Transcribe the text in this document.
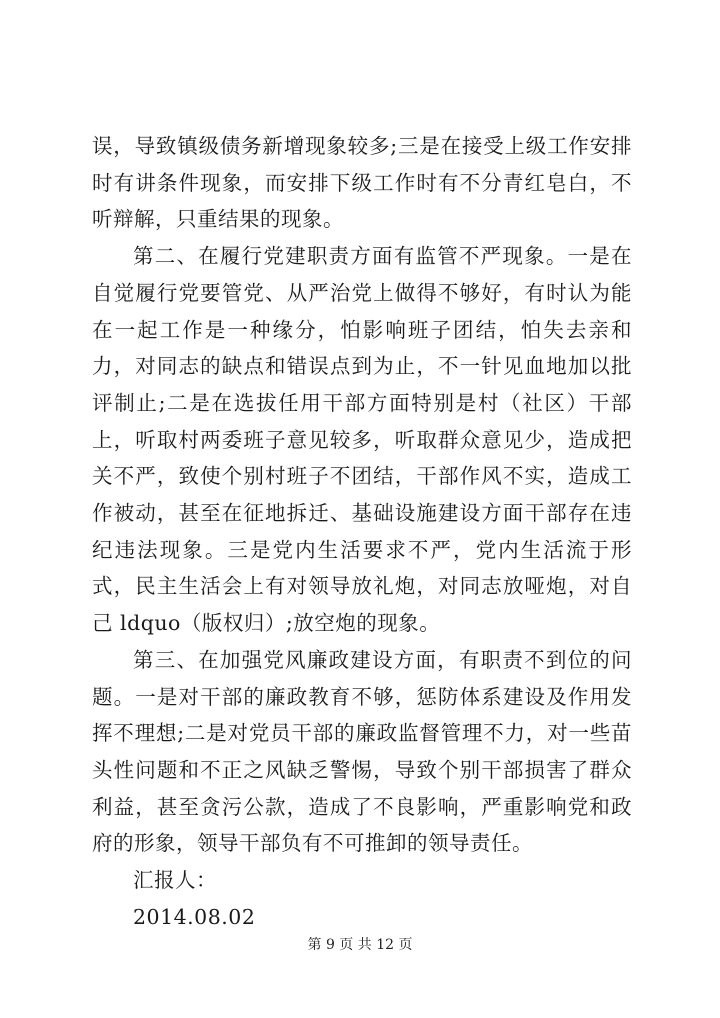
误，导致镇级债务新增现象较多;三是在接受上级工作安排时有讲条件现象，而安排下级工作时有不分青红皂白，不听辩解，只重结果的现象。

第二、在履行党建职责方面有监管不严现象。一是在自觉履行党要管党、从严治党上做得不够好，有时认为能在一起工作是一种缘分，怕影响班子团结，怕失去亲和力，对同志的缺点和错误点到为止，不一针见血地加以批评制止;二是在选拔任用干部方面特别是村（社区）干部上，听取村两委班子意见较多，听取群众意见少，造成把关不严，致使个别村班子不团结，干部作风不实，造成工作被动，甚至在征地拆迁、基础设施建设方面干部存在违纪违法现象。三是党内生活要求不严，党内生活流于形式，民主生活会上有对领导放礼炮，对同志放哑炮，对自己 ldquo（版权归）;放空炮的现象。

第三、在加强党风廉政建设方面，有职责不到位的问题。一是对干部的廉政教育不够，惩防体系建设及作用发挥不理想;二是对党员干部的廉政监督管理不力，对一些苗头性问题和不正之风缺乏警惕，导致个别干部损害了群众利益，甚至贪污公款，造成了不良影响，严重影响党和政府的形象，领导干部负有不可推卸的领导责任。

汇报人：

2014.08.02

第 9 页 共 12 页
